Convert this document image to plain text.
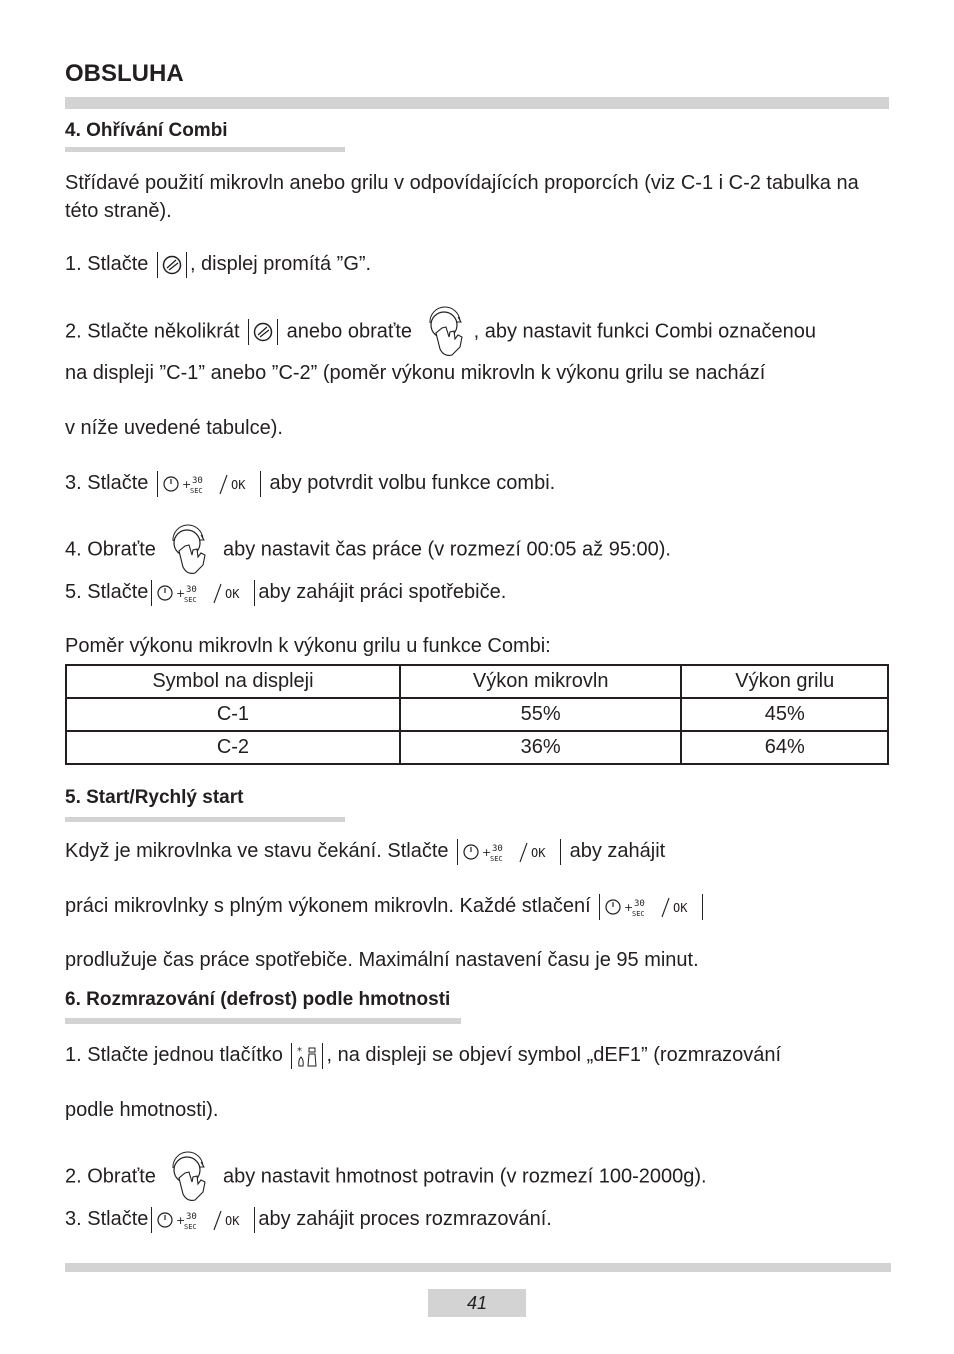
OBSLUHA
4. Ohřívání Combi
Střídavé použití mikrovln anebo grilu v odpovídajících proporcích (viz C-1 i C-2 tabulka na této straně).
1. Stlačte
, displej promítá ”G”.
2. Stlačte několikrát
anebo obraťte	, aby nastavit funkci Combi označenou
na displeji ”C-1” anebo ”C-2” (poměr výkonu mikrovln k výkonu grilu se nachází
v níže uvedené tabulce).
3. Stlačte	+ 30
SEC OK aby potvrdit volbu funkce combi.
4. Obraťte	aby nastavit čas práce (v rozmezí 00:05 až 95:00).
5. Stlačte	+ 30
SEC OK aby zahájit práci spotřebiče.
Poměr výkonu mikrovln k výkonu grilu u funkce Combi:
Symbol na displeji	Výkon mikrovln	Výkon grilu
C-1	55%	45%
C-2	36%	64%
5. Start/Rychlý start
Když je mikrovlnka ve stavu čekání. Stlačte	+ 30
SEC OK aby zahájit
práci mikrovlnky s plným výkonem mikrovln. Každé stlačení	+ 30
SEC OK
prodlužuje čas práce spotřebiče. Maximální nastavení času je 95 minut.
6. Rozmrazování (defrost) podle hmotnosti
1. Stlačte jednou tlačítko * , na displeji se objeví symbol „dEF1” (rozmrazování
podle hmotnosti).
2. Obraťte	aby nastavit hmotnost potravin (v rozmezí 100-2000g).
3. Stlačte	+ 30
SEC OK aby zahájit proces rozmrazování.
41
